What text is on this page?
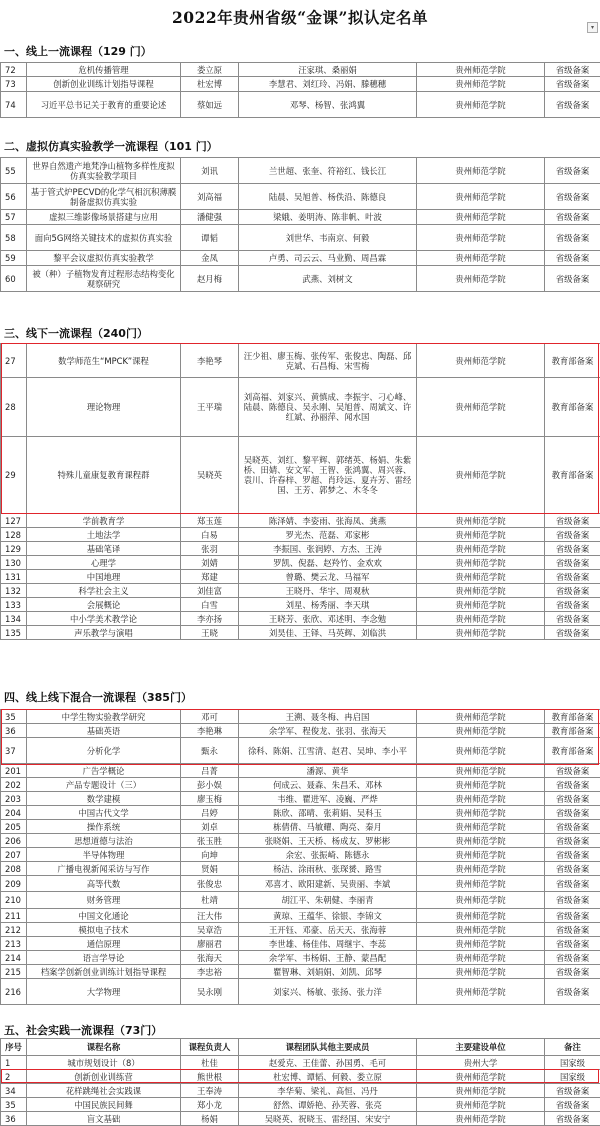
2022年贵州省级“金课”拟认定名单
▾
一、线上一流课程（129 门）
72	危机传播管理	娄立原	汪家琪、桑丽娟	贵州师范学院	省级备案
73	创新创业训练计划指导课程	杜宏博	李慧君、刘红玲、冯娟、滕穗穗	贵州师范学院	省级备案
74	习近平总书记关于教育的重要论述	蔡如远	邓琴、杨智、张鸿翼	贵州师范学院	省级备案
二、虚拟仿真实验教学一流课程（101 门）
55	世界自然遗产地梵净山植物多样性度拟仿真实验教学项目	刘讯	兰世超、张奎、符裕红、钱长江	贵州师范学院	省级备案
56	基于管式炉PECVD的化学气相沉积薄膜制备虚拟仿真实验	刘高福	陆晨、吴旭普、杨佚沿、陈德良	贵州师范学院	省级备案
57	虚拟三维影像场景搭建与应用	潘健强	梁娥、姜明涛、陈非帆、叶波	贵州师范学院	省级备案
58	面向5G网络关键技术的虚拟仿真实验	谭韬	刘世华、韦南京、何毅	贵州师范学院	省级备案
59	黎平会议虚拟仿真实验教学	金凤	卢勇、司云云、马业勤、周昌霖	贵州师范学院	省级备案
60	被（种）子植物发育过程形态结构变化观察研究	赵月梅	武燕、刘树文	贵州师范学院	省级备案
三、线下一流课程（240门）
27	数学师范生“MPCK”课程	李艳琴	汪少祖、廖玉梅、张传军、张俊忠、陶磊、邱克斌、石昌梅、宋雪梅	贵州师范学院	教育部备案
28	理论物理	王平瑞	刘高福、刘家兴、黄慎成、李振宇、刁心峰、陆晨、陈德良、吴永刚、吴旭普、周斌文、许红斌、孙丽萍、闻水国	贵州师范学院	教育部备案
29	特殊儿童康复教育课程群	吴晓英	吴晓英、刘红、黎平辉、郭绪英、杨娟、朱紫桥、田婧、安文军、王智、张鸿翼、周兴蓉、袁川、许春梓、罗超、肖玲远、夏卉芳、雷经国、王芳、郭梦之、木冬冬	贵州师范学院	教育部备案
127	学前教育学	郑玉莲	陈泽婧、李姿雨、张海凤、龚燕	贵州师范学院	省级备案
128	土地法学	白易	罗光杰、范磊、邓家彬	贵州师范学院	省级备案
129	基础笔译	张羽	李振国、张润婷、方杰、王涛	贵州师范学院	省级备案
130	心理学	刘婧	罗凯、倪磊、赵羚竹、金欢欢	贵州师范学院	省级备案
131	中国地理	郑建	曾璐、樊云龙、马福军	贵州师范学院	省级备案
132	科学社会主义	刘佳富	王晓丹、华宇、周观秋	贵州师范学院	省级备案
133	会展概论	白雪	刘星、杨秀丽、李天琪	贵州师范学院	省级备案
134	中小学美术教学论	李亦扬	王晓芳、张欣、邓述明、李念勉	贵州师范学院	省级备案
135	声乐教学与演唱	王晓	刘昊佳、王铎、马英辉、刘临洪	贵州师范学院	省级备案
四、线上线下混合一流课程（385门）
35	中学生物实验教学研究	邓可	王溯、聂冬梅、冉启国	贵州师范学院	教育部备案
36	基础英语	李艳琳	余学军、程俊龙、张羽、张海天	贵州师范学院	教育部备案
37	分析化学	甄永	徐科、陈娟、江雪清、赵君、吴坤、李小平	贵州师范学院	教育部备案
201	广告学概论	吕菁	潘源、黄华	贵州师范学院	省级备案
202	产品专题设计（三）	彭小娱	何成云、聂森、朱昌禾、邓林	贵州师范学院	省级备案
203	数学建模	廖玉梅	韦维、瞿进军、凌巍、严烨	贵州师范学院	省级备案
204	中国古代文学	吕婷	陈欣、邵晴、张莉娟、吴科玉	贵州师范学院	省级备案
205	操作系统	刘卓	栋倩倩、马敏耀、陶亮、秦月	贵州师范学院	省级备案
206	思想道德与法治	张玉胜	张晓娟、王天桥、杨成友、罗彬彬	贵州师范学院	省级备案
207	半导体物理	向坤	余宏、张振崎、陈德永	贵州师范学院	省级备案
208	广播电视新闻采访与写作	贤娟	杨洁、涂雨秋、张琛赟、路雪	贵州师范学院	省级备案
209	高等代数	张俊忠	邓喜才、欧阳建新、吴贵丽、李斌	贵州师范学院	省级备案
210	财务管理	杜靖	胡江平、朱朝健、李丽青	贵州师范学院	省级备案
211	中国文化通论	汪大伟	黄琼、王蕴华、徐银、李锦文	贵州师范学院	省级备案
212	模拟电子技术	吴章浩	王开钰、邓豪、岳天天、张海蓉	贵州师范学院	省级备案
213	通信原理	廖丽君	李世雄、杨佳伟、周继宇、李蕊	贵州师范学院	省级备案
214	语言学导论	张海天	余学军、韦杨娟、王静、蒙昌配	贵州师范学院	省级备案
215	档案学创新创业训练计划指导课程	李忠裕	瞿智琳、刘娟娟、刘凯、邱琴	贵州师范学院	省级备案
216	大学物理	吴永刚	刘家兴、杨敏、张扬、张力洋	贵州师范学院	省级备案
五、社会实践一流课程（73门）
序号	课程名称	课程负责人	课程团队其他主要成员	主要建设单位	备注
1	城市规划设计（8）	杜佳	赵爱克、王佳蕾、孙国勇、毛可	贵州大学	国家级
2	创新创业训练营	熊世根	杜宏博、谭韬、何毅、娄立原	贵州师范学院	国家级
34	花样跳绳社会实践课	王奉涛	李华菊、梁礼、高恒、冯丹	贵州师范学院	省级备案
35	中国民族民间舞	郑小龙	舒然、谭娇艳、孙芙蓉、张亮	贵州师范学院	省级备案
36	盲文基础	杨娟	吴晓英、祝晓玉、雷经国、宋安宁	贵州师范学院	省级备案
